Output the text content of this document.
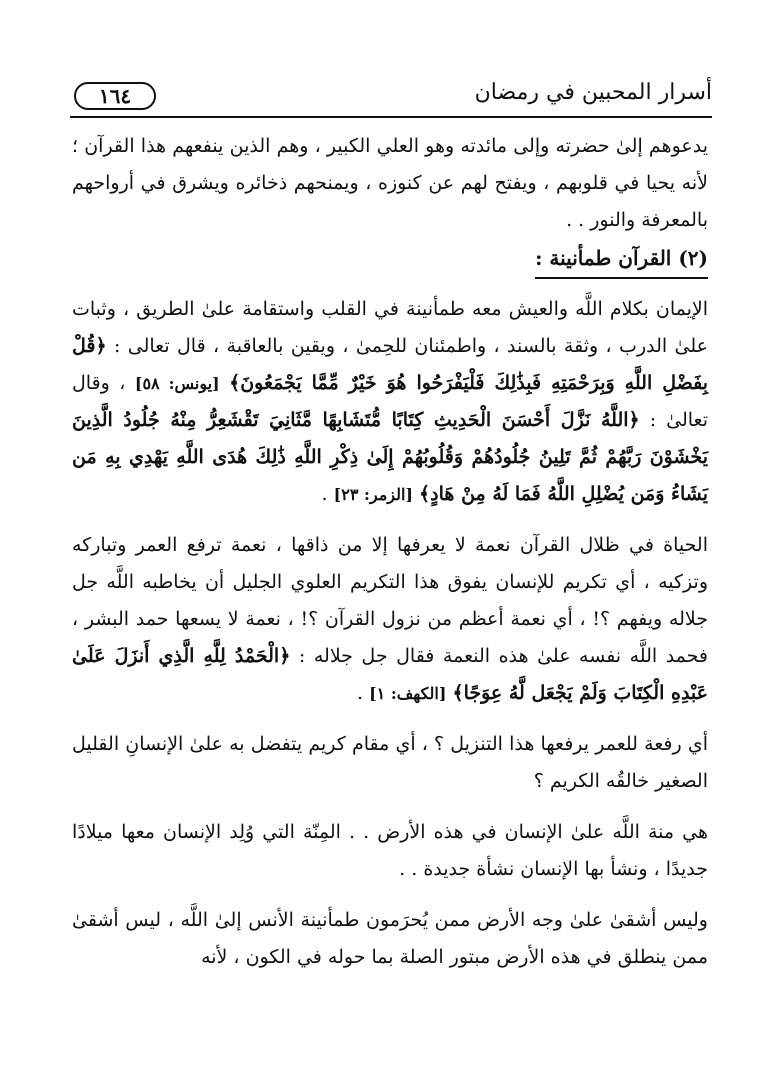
أسرار المحبين في رمضان
١٦٤

يدعوهم إلىٰ حضرته وإلى مائدته وهو العلي الكبير ، وهم الذين ينفعهم هذا القرآن ؛ لأنه يحيا في قلوبهم ، ويفتح لهم عن كنوزه ، ويمنحهم ذخائره ويشرق في أرواحهم بالمعرفة والنور . .

(٢) القرآن طمأنينة :

الإيمان بكلام اللَّه والعيش معه طمأنينة في القلب واستقامة علىٰ الطريق ، وثبات علىٰ الدرب ، وثقة بالسند ، واطمئنان للحِمىٰ ، ويقين بالعاقبة ، قال تعالى : ﴿قُلْ بِفَضْلِ اللَّهِ وَبِرَحْمَتِهِ فَبِذَٰلِكَ فَلْيَفْرَحُوا هُوَ خَيْرٌ مِّمَّا يَجْمَعُونَ﴾ [يونس: ٥٨] ، وقال تعالىٰ : ﴿اللَّهُ نَزَّلَ أَحْسَنَ الْحَدِيثِ كِتَابًا مُّتَشَابِهًا مَّثَانِيَ تَقْشَعِرُّ مِنْهُ جُلُودُ الَّذِينَ يَخْشَوْنَ رَبَّهُمْ ثُمَّ تَلِينُ جُلُودُهُمْ وَقُلُوبُهُمْ إِلَىٰ ذِكْرِ اللَّهِ ذَٰلِكَ هُدَى اللَّهِ يَهْدِي بِهِ مَن يَشَاءُ وَمَن يُضْلِلِ اللَّهُ فَمَا لَهُ مِنْ هَادٍ﴾ [الزمر: ٢٣] .

الحياة في ظلال القرآن نعمة لا يعرفها إلا من ذاقها ، نعمة ترفع العمر وتباركه وتزكيه ، أي تكريم للإنسان يفوق هذا التكريم العلوي الجليل أن يخاطبه اللَّه جل جلاله ويفهم ؟! ، أي نعمة أعظم من نزول القرآن ؟! ، نعمة لا يسعها حمد البشر ، فحمد اللَّه نفسه علىٰ هذه النعمة فقال جل جلاله : ﴿الْحَمْدُ لِلَّهِ الَّذِي أَنزَلَ عَلَىٰ عَبْدِهِ الْكِتَابَ وَلَمْ يَجْعَل لَّهُ عِوَجًا﴾ [الكهف: ١] .

أي رفعة للعمر يرفعها هذا التنزيل ؟ ، أي مقام كريم يتفضل به علىٰ الإنسانِ القليل الصغير خالقُه الكريم ؟

هي منة اللَّه علىٰ الإنسان في هذه الأرض . . المِنّة التي وُلِد الإنسان معها ميلادًا جديدًا ، ونشأ بها الإنسان نشأة جديدة . .

وليس أشقىٰ علىٰ وجه الأرض ممن يُحرَمون طمأنينة الأنس إلىٰ اللَّه ، ليس أشقىٰ ممن ينطلق في هذه الأرض مبتور الصلة بما حوله في الكون ، لأنه
